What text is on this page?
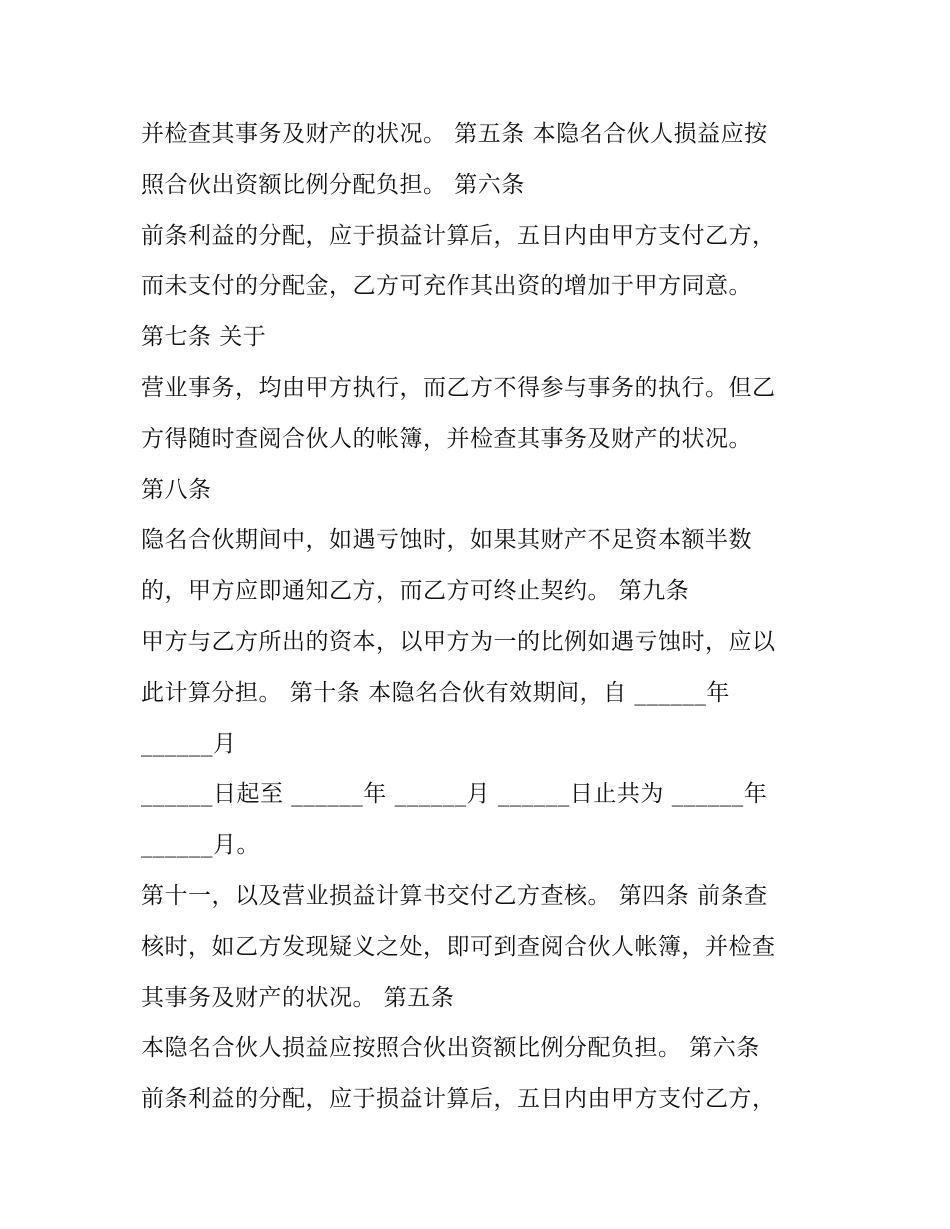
并检查其事务及财产的状况。 第五条 本隐名合伙人损益应按
照合伙出资额比例分配负担。 第六条
前条利益的分配，应于损益计算后，五日内由甲方支付乙方，
而未支付的分配金，乙方可充作其出资的增加于甲方同意。
第七条 关于
营业事务，均由甲方执行，而乙方不得参与事务的执行。但乙
方得随时查阅合伙人的帐簿，并检查其事务及财产的状况。
第八条
隐名合伙期间中，如遇亏蚀时，如果其财产不足资本额半数
的，甲方应即通知乙方，而乙方可终止契约。 第九条
甲方与乙方所出的资本，以甲方为一的比例如遇亏蚀时，应以
此计算分担。 第十条 本隐名合伙有效期间，自 ______年
______月
______日起至 ______年 ______月 ______日止共为 ______年
______月。
第十一，以及营业损益计算书交付乙方查核。 第四条 前条查
核时，如乙方发现疑义之处，即可到查阅合伙人帐簿，并检查
其事务及财产的状况。 第五条
本隐名合伙人损益应按照合伙出资额比例分配负担。 第六条
前条利益的分配，应于损益计算后，五日内由甲方支付乙方，
